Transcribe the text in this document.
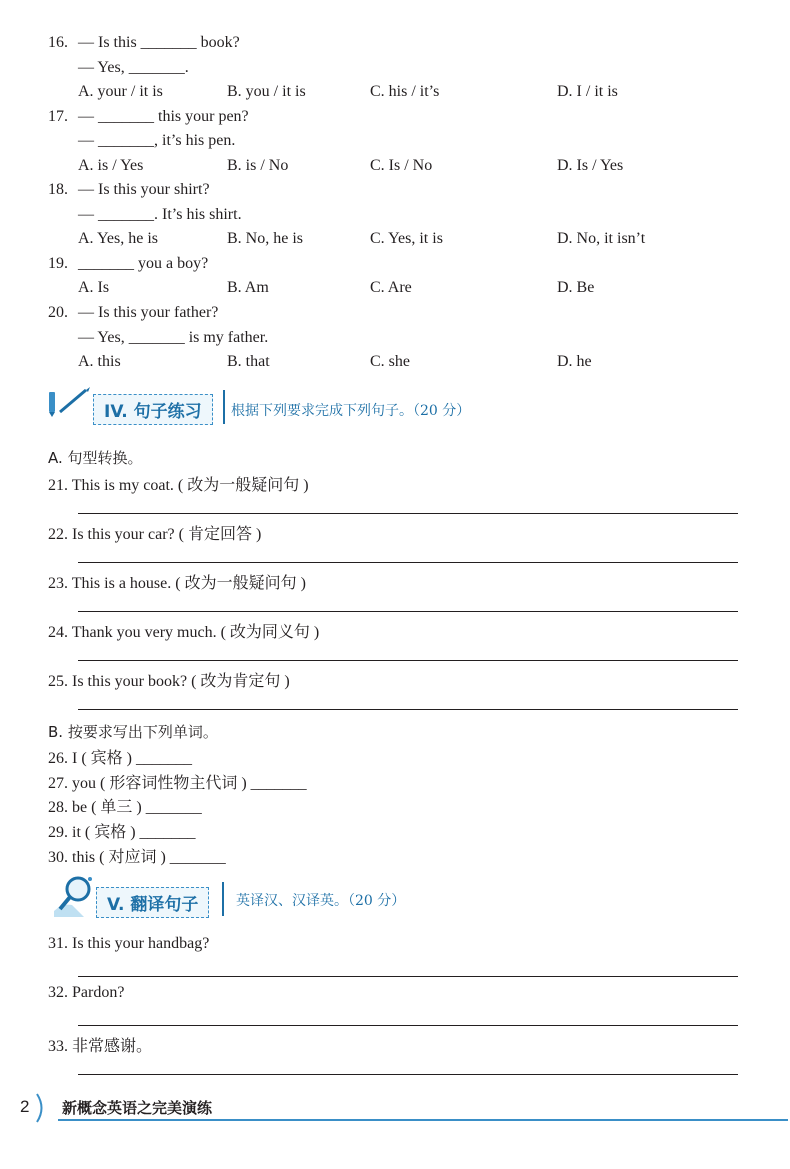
16. — Is this _______ book?
— Yes, _______.
A. your / it is	B. you / it is	C. his / it’s	D. I / it is
17. — _______ this your pen?
— _______, it’s his pen.
A. is / Yes	B. is / No	C. Is / No	D. Is / Yes
18. — Is this your shirt?
— _______. It’s his shirt.
A. Yes, he is	B. No, he is	C. Yes, it is	D. No, it isn’t
19. _______ you a boy?
A. Is	B. Am	C. Are	D. Be
20. — Is this your father?
— Yes, _______ is my father.
A. this	B. that	C. she	D. he
IV. 句子练习	根据下列要求完成下列句子。（20 分）
A. 句型转换。
21. This is my coat. ( 改为一般疑问句 )
22. Is this your car? ( 肯定回答 )
23. This is a house. ( 改为一般疑问句 )
24. Thank you very much. ( 改为同义句 )
25. Is this your book? ( 改为肯定句 )
B. 按要求写出下列单词。
26. I ( 宾格 ) _______
27. you ( 形容词性物主代词 ) _______
28. be ( 单三 ) _______
29. it ( 宾格 ) _______
30. this ( 对应词 ) _______
V. 翻译句子	英译汉、汉译英。（20 分）
31. Is this your handbag?
32. Pardon?
33. 非常感谢。
2 新概念英语之完美演练
